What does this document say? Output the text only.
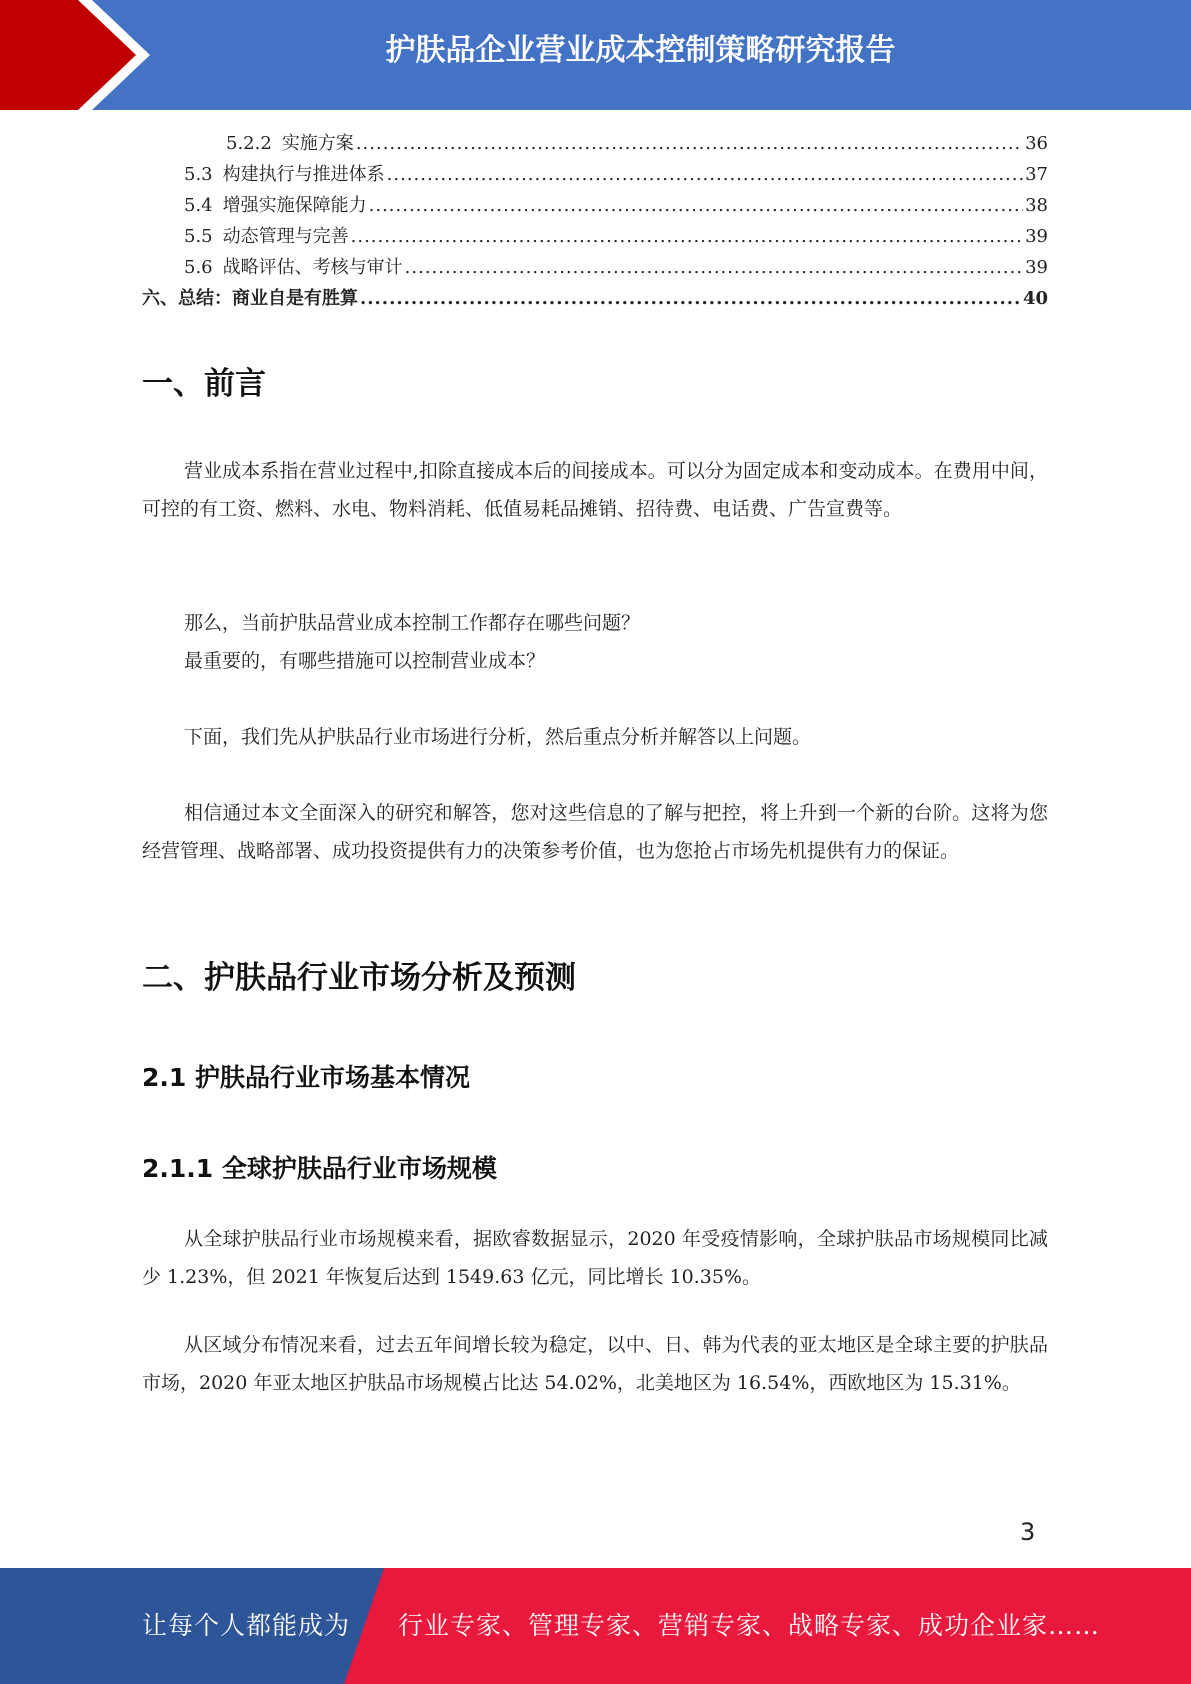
护肤品企业营业成本控制策略研究报告
5.2.2 实施方案 .....	36
5.3 构建执行与推进体系 .....	37
5.4 增强实施保障能力 .....	38
5.5 动态管理与完善 .....	39
5.6 战略评估、考核与审计 .....	39
六、总结：商业自是有胜算 .....	40
一、前言

营业成本系指在营业过程中,扣除直接成本后的间接成本。可以分为固定成本和变动成本。在费用中间，可控的有工资、燃料、水电、物料消耗、低值易耗品摊销、招待费、电话费、广告宣费等。

那么，当前护肤品营业成本控制工作都存在哪些问题？

最重要的，有哪些措施可以控制营业成本？

下面，我们先从护肤品行业市场进行分析，然后重点分析并解答以上问题。

相信通过本文全面深入的研究和解答，您对这些信息的了解与把控，将上升到一个新的台阶。这将为您经营管理、战略部署、成功投资提供有力的决策参考价值，也为您抢占市场先机提供有力的保证。

二、护肤品行业市场分析及预测
2.1 护肤品行业市场基本情况
2.1.1 全球护肤品行业市场规模

从全球护肤品行业市场规模来看，据欧睿数据显示，2020 年受疫情影响，全球护肤品市场规模同比减少 1.23%，但 2021 年恢复后达到 1549.63 亿元，同比增长 10.35%。

从区域分布情况来看，过去五年间增长较为稳定，以中、日、韩为代表的亚太地区是全球主要的护肤品市场，2020 年亚太地区护肤品市场规模占比达 54.02%，北美地区为 16.54%，西欧地区为 15.31%。

3
让每个人都能成为 行业专家、管理专家、营销专家、战略专家、成功企业家……
